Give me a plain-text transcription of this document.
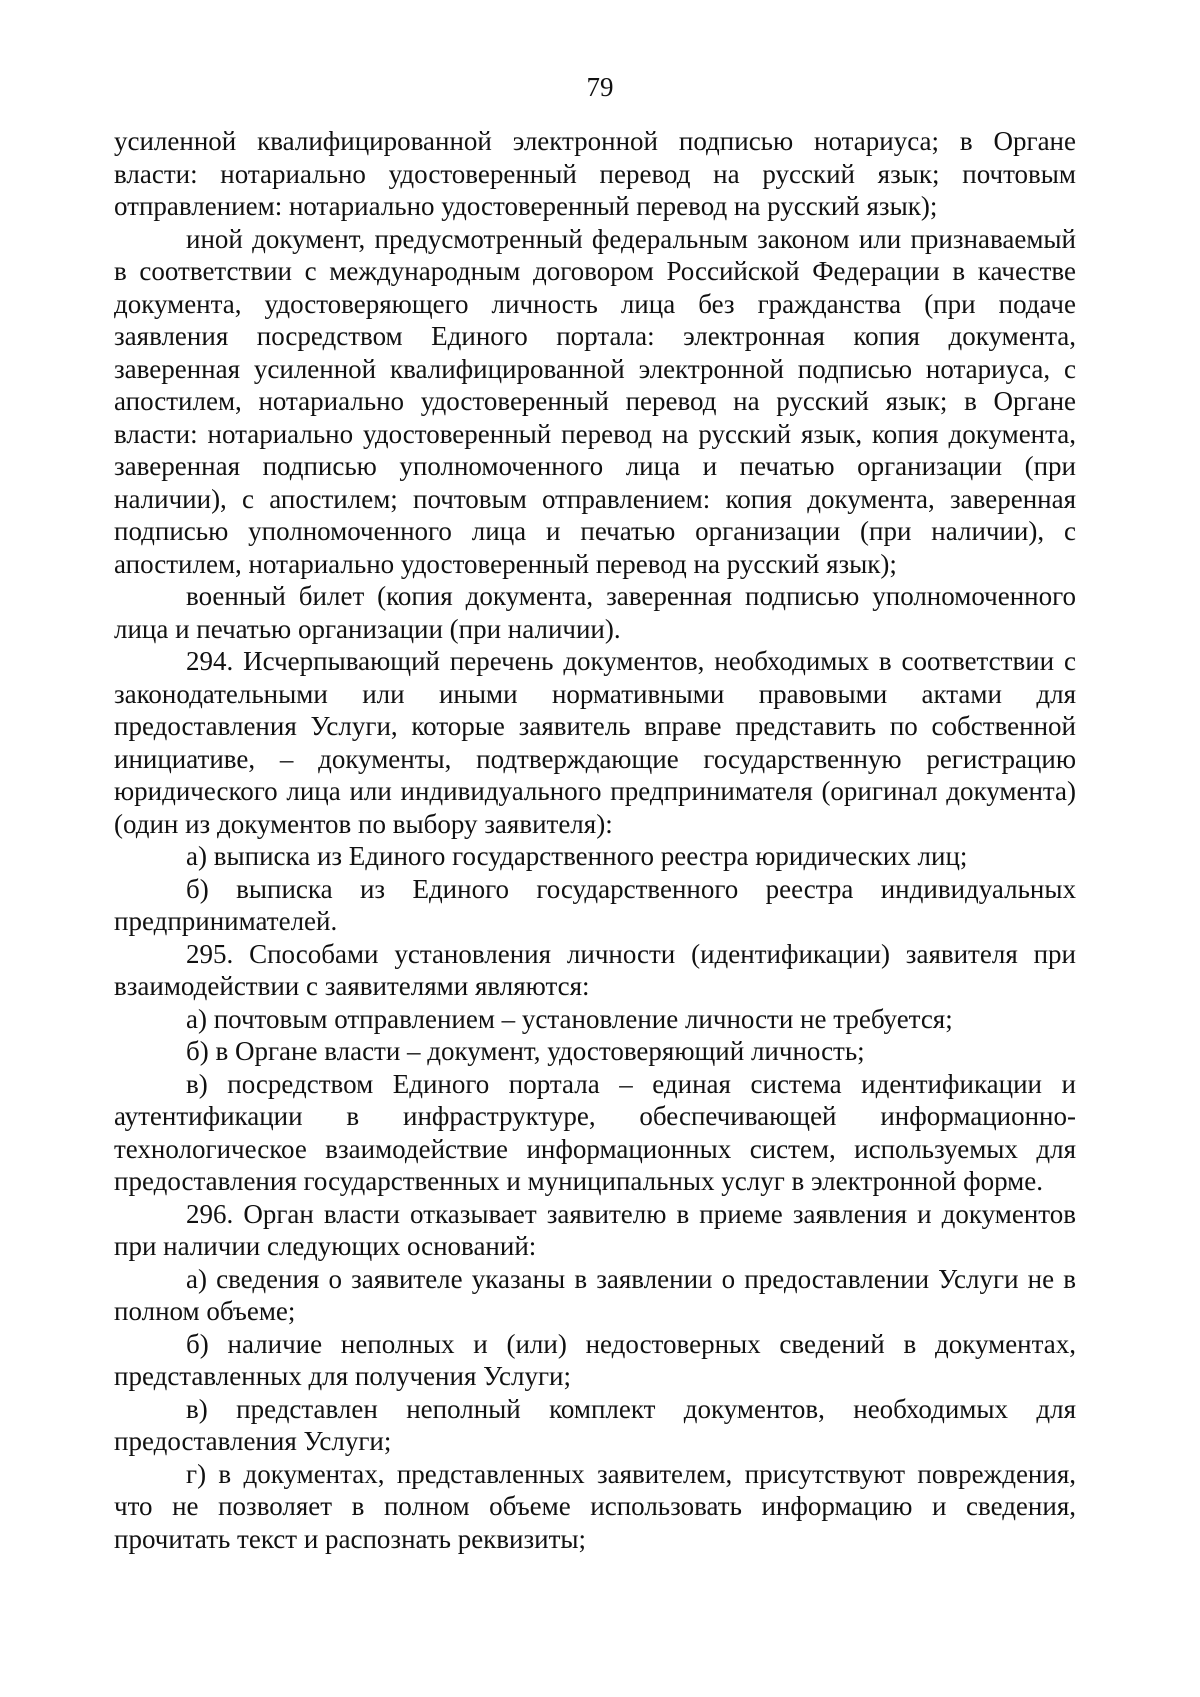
79

усиленной квалифицированной электронной подписью нотариуса; в Органе власти: нотариально удостоверенный перевод на русский язык; почтовым отправлением: нотариально удостоверенный перевод на русский язык);

иной документ, предусмотренный федеральным законом или признаваемый в соответствии с международным договором Российской Федерации в качестве документа, удостоверяющего личность лица без гражданства (при подаче заявления посредством Единого портала: электронная копия документа, заверенная усиленной квалифицированной электронной подписью нотариуса, с апостилем, нотариально удостоверенный перевод на русский язык; в Органе власти: нотариально удостоверенный перевод на русский язык, копия документа, заверенная подписью уполномоченного лица и печатью организации (при наличии), с апостилем; почтовым отправлением: копия документа, заверенная подписью уполномоченного лица и печатью организации (при наличии), с апостилем, нотариально удостоверенный перевод на русский язык);

военный билет (копия документа, заверенная подписью уполномоченного лица и печатью организации (при наличии).

294. Исчерпывающий перечень документов, необходимых в соответствии с законодательными или иными нормативными правовыми актами для предоставления Услуги, которые заявитель вправе представить по собственной инициативе, – документы, подтверждающие государственную регистрацию юридического лица или индивидуального предпринимателя (оригинал документа) (один из документов по выбору заявителя):

а) выписка из Единого государственного реестра юридических лиц;

б) выписка из Единого государственного реестра индивидуальных предпринимателей.

295. Способами установления личности (идентификации) заявителя при взаимодействии с заявителями являются:

а) почтовым отправлением – установление личности не требуется;

б) в Органе власти – документ, удостоверяющий личность;

в) посредством Единого портала – единая система идентификации и аутентификации в инфраструктуре, обеспечивающей информационно-технологическое взаимодействие информационных систем, используемых для предоставления государственных и муниципальных услуг в электронной форме.

296. Орган власти отказывает заявителю в приеме заявления и документов при наличии следующих оснований:

а) сведения о заявителе указаны в заявлении о предоставлении Услуги не в полном объеме;

б) наличие неполных и (или) недостоверных сведений в документах, представленных для получения Услуги;

в) представлен неполный комплект документов, необходимых для предоставления Услуги;

г) в документах, представленных заявителем, присутствуют повреждения, что не позволяет в полном объеме использовать информацию и сведения, прочитать текст и распознать реквизиты;
